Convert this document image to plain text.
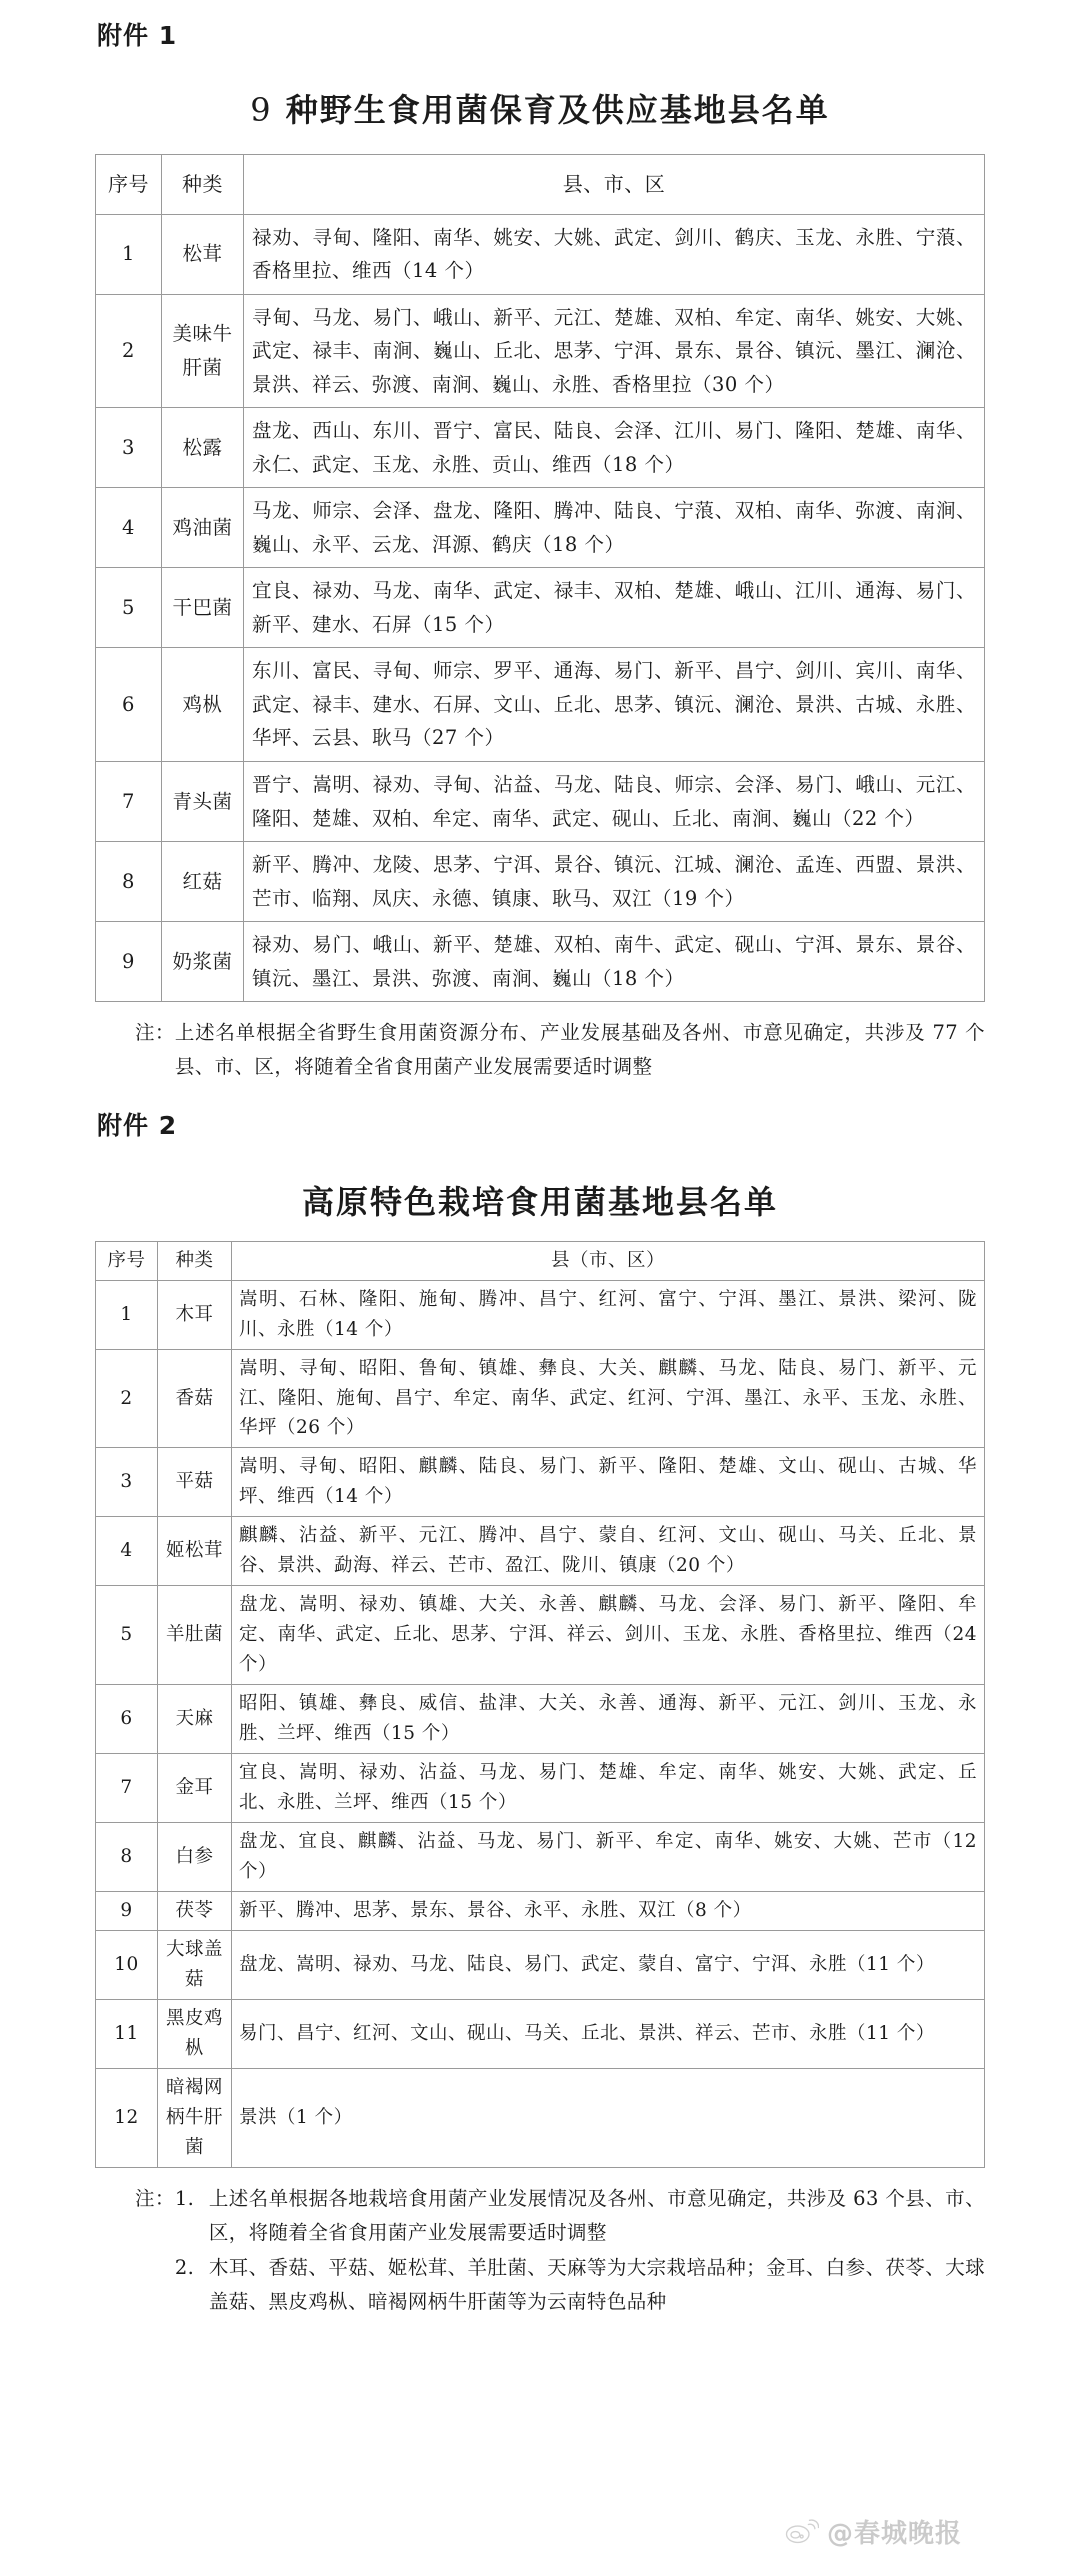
附件 1
9 种野生食用菌保育及供应基地县名单
序号	种类	县、市、区
1	松茸	禄劝、寻甸、隆阳、南华、姚安、大姚、武定、剑川、鹤庆、玉龙、永胜、宁蒗、香格里拉、维西（14 个）
2	美味牛肝菌	寻甸、马龙、易门、峨山、新平、元江、楚雄、双柏、牟定、南华、姚安、大姚、武定、禄丰、南涧、巍山、丘北、思茅、宁洱、景东、景谷、镇沅、墨江、澜沧、景洪、祥云、弥渡、南涧、巍山、永胜、香格里拉（30 个）
3	松露	盘龙、西山、东川、晋宁、富民、陆良、会泽、江川、易门、隆阳、楚雄、南华、永仁、武定、玉龙、永胜、贡山、维西（18 个）
4	鸡油菌	马龙、师宗、会泽、盘龙、隆阳、腾冲、陆良、宁蒗、双柏、南华、弥渡、南涧、巍山、永平、云龙、洱源、鹤庆（18 个）
5	干巴菌	宜良、禄劝、马龙、南华、武定、禄丰、双柏、楚雄、峨山、江川、通海、易门、新平、建水、石屏（15 个）
6	鸡枞	东川、富民、寻甸、师宗、罗平、通海、易门、新平、昌宁、剑川、宾川、南华、武定、禄丰、建水、石屏、文山、丘北、思茅、镇沅、澜沧、景洪、古城、永胜、华坪、云县、耿马（27 个）
7	青头菌	晋宁、嵩明、禄劝、寻甸、沾益、马龙、陆良、师宗、会泽、易门、峨山、元江、隆阳、楚雄、双柏、牟定、南华、武定、砚山、丘北、南涧、巍山（22 个）
8	红菇	新平、腾冲、龙陵、思茅、宁洱、景谷、镇沅、江城、澜沧、孟连、西盟、景洪、芒市、临翔、凤庆、永德、镇康、耿马、双江（19 个）
9	奶浆菌	禄劝、易门、峨山、新平、楚雄、双柏、南牛、武定、砚山、宁洱、景东、景谷、镇沅、墨江、景洪、弥渡、南涧、巍山（18 个）
注： 上述名单根据全省野生食用菌资源分布、产业发展基础及各州、市意见确定，共涉及 77 个县、市、区，将随着全省食用菌产业发展需要适时调整
附件 2
高原特色栽培食用菌基地县名单
序号	种类	县（市、区）
1	木耳	嵩明、石林、隆阳、施甸、腾冲、昌宁、红河、富宁、宁洱、墨江、景洪、梁河、陇川、永胜（14 个）
2	香菇	嵩明、寻甸、昭阳、鲁甸、镇雄、彝良、大关、麒麟、马龙、陆良、易门、新平、元江、隆阳、施甸、昌宁、牟定、南华、武定、红河、宁洱、墨江、永平、玉龙、永胜、华坪（26 个）
3	平菇	嵩明、寻甸、昭阳、麒麟、陆良、易门、新平、隆阳、楚雄、文山、砚山、古城、华坪、维西（14 个）
4	姬松茸	麒麟、沾益、新平、元江、腾冲、昌宁、蒙自、红河、文山、砚山、马关、丘北、景谷、景洪、勐海、祥云、芒市、盈江、陇川、镇康（20 个）
5	羊肚菌	盘龙、嵩明、禄劝、镇雄、大关、永善、麒麟、马龙、会泽、易门、新平、隆阳、牟定、南华、武定、丘北、思茅、宁洱、祥云、剑川、玉龙、永胜、香格里拉、维西（24 个）
6	天麻	昭阳、镇雄、彝良、威信、盐津、大关、永善、通海、新平、元江、剑川、玉龙、永胜、兰坪、维西（15 个）
7	金耳	宜良、嵩明、禄劝、沾益、马龙、易门、楚雄、牟定、南华、姚安、大姚、武定、丘北、永胜、兰坪、维西（15 个）
8	白参	盘龙、宜良、麒麟、沾益、马龙、易门、新平、牟定、南华、姚安、大姚、芒市（12 个）
9	茯苓	新平、腾冲、思茅、景东、景谷、永平、永胜、双江（8 个）
10	大球盖菇	盘龙、嵩明、禄劝、马龙、陆良、易门、武定、蒙自、富宁、宁洱、永胜（11 个）
11	黑皮鸡枞	易门、昌宁、红河、文山、砚山、马关、丘北、景洪、祥云、芒市、永胜（11 个）
12	暗褐网柄牛肝菌	景洪（1 个）
注： 1. 上述名单根据各地栽培食用菌产业发展情况及各州、市意见确定，共涉及 63 个县、市、区，将随着全省食用菌产业发展需要适时调整
2. 木耳、香菇、平菇、姬松茸、羊肚菌、天麻等为大宗栽培品种；金耳、白参、茯苓、大球盖菇、黑皮鸡枞、暗褐网柄牛肝菌等为云南特色品种
@春城晚报
